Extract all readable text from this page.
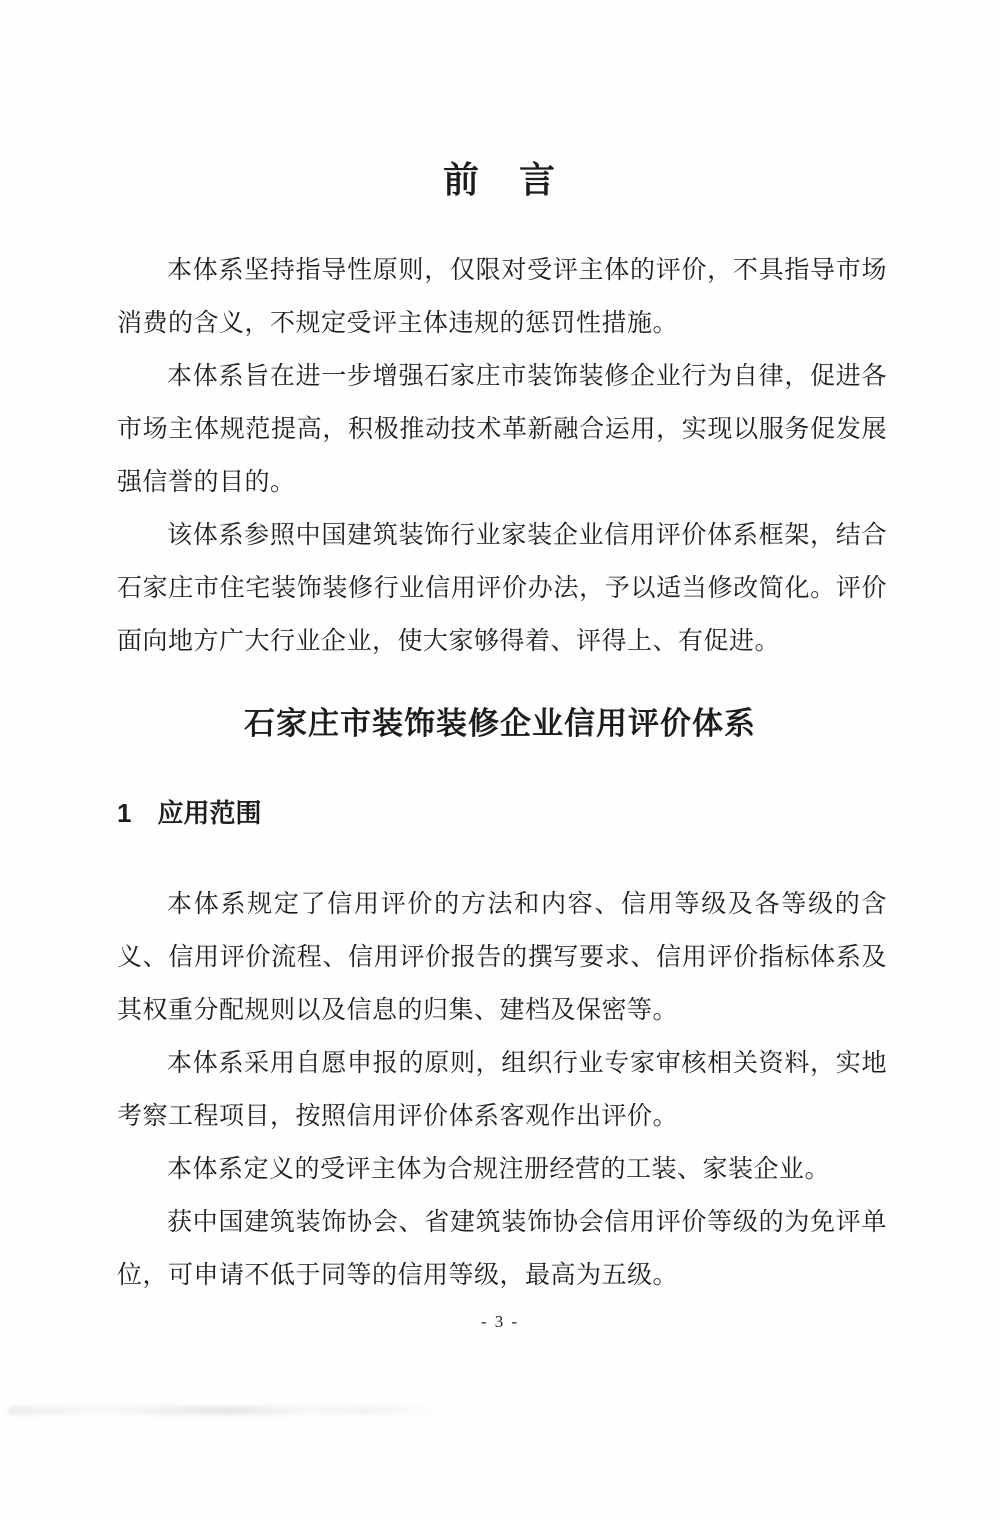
前　言

本体系坚持指导性原则，仅限对受评主体的评价，不具指导市场消费的含义，不规定受评主体违规的惩罚性措施。

本体系旨在进一步增强石家庄市装饰装修企业行为自律，促进各市场主体规范提高，积极推动技术革新融合运用，实现以服务促发展强信誉的目的。

该体系参照中国建筑装饰行业家装企业信用评价体系框架，结合石家庄市住宅装饰装修行业信用评价办法，予以适当修改简化。评价面向地方广大行业企业，使大家够得着、评得上、有促进。

石家庄市装饰装修企业信用评价体系
1　应用范围

本体系规定了信用评价的方法和内容、信用等级及各等级的含义、信用评价流程、信用评价报告的撰写要求、信用评价指标体系及其权重分配规则以及信息的归集、建档及保密等。

本体系采用自愿申报的原则，组织行业专家审核相关资料，实地考察工程项目，按照信用评价体系客观作出评价。

本体系定义的受评主体为合规注册经营的工装、家装企业。

获中国建筑装饰协会、省建筑装饰协会信用评价等级的为免评单位，可申请不低于同等的信用等级，最高为五级。

- 3 -
